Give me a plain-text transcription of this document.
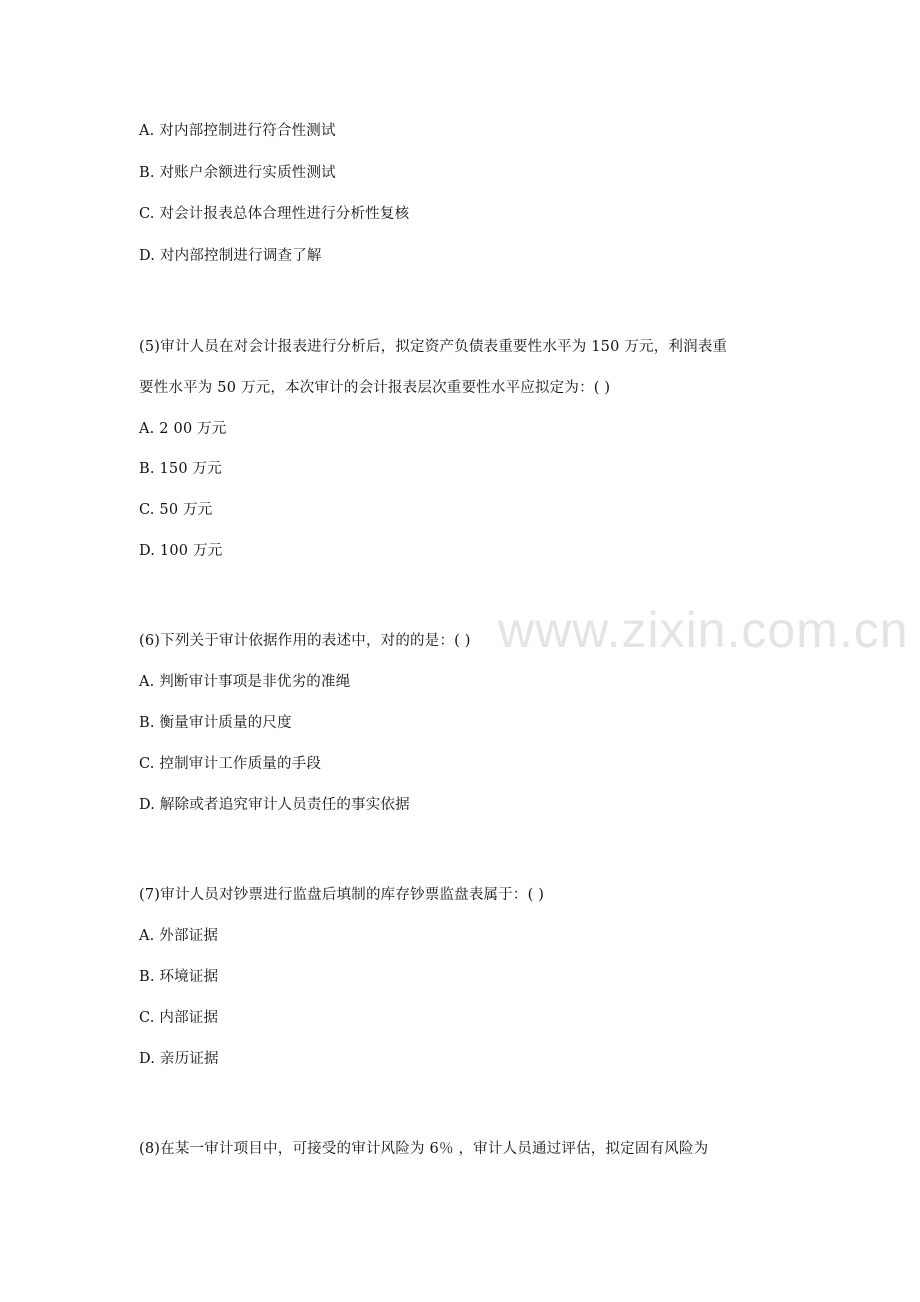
www.zixin.com.cn
A. 对内部控制进行符合性测试
B. 对账户余额进行实质性测试
C. 对会计报表总体合理性进行分析性复核
D. 对内部控制进行调查了解
(5)审计人员在对会计报表进行分析后，拟定资产负债表重要性水平为 150 万元，利润表重
要性水平为 50 万元，本次审计的会计报表层次重要性水平应拟定为：( )
A. 2 00 万元
B. 150 万元
C. 50 万元
D. 100 万元
(6)下列关于审计依据作用的表述中，对的的是：( )
A. 判断审计事项是非优劣的准绳
B. 衡量审计质量的尺度
C. 控制审计工作质量的手段
D. 解除或者追究审计人员责任的事实依据
(7)审计人员对钞票进行监盘后填制的库存钞票监盘表属于：( )
A. 外部证据
B. 环境证据
C. 内部证据
D. 亲历证据
(8)在某一审计项目中，可接受的审计风险为 6％ ，审计人员通过评估，拟定固有风险为
